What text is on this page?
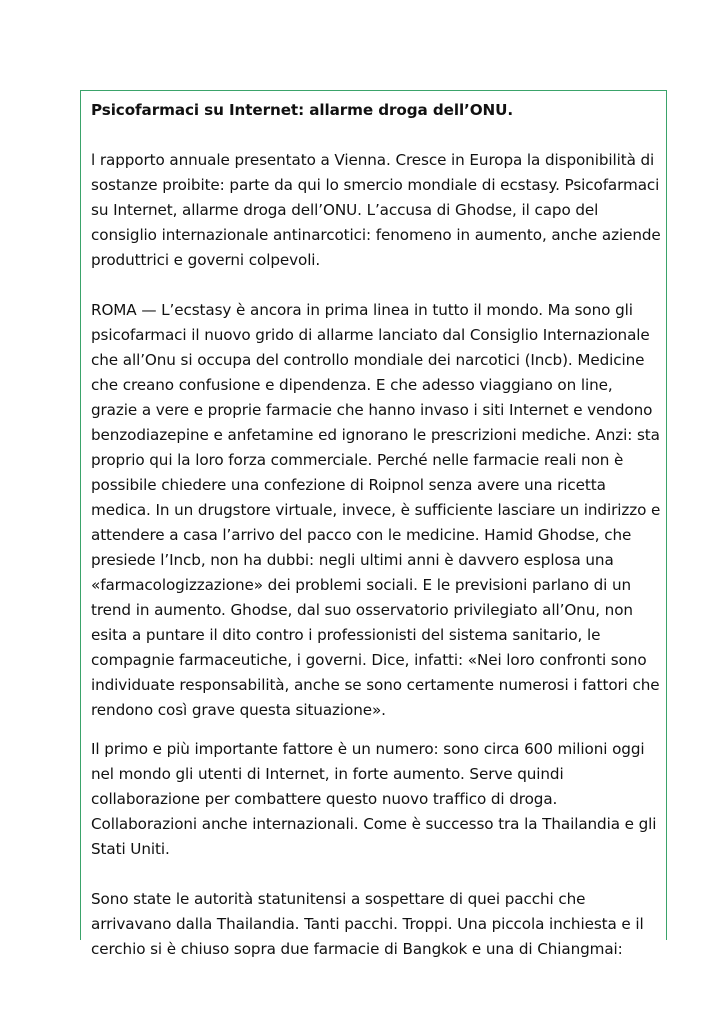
Psicofarmaci su Internet: allarme droga dell’ONU.
l rapporto annuale presentato a Vienna. Cresce in Europa la disponibilità di sostanze proibite: parte da qui lo smercio mondiale di ecstasy. Psicofarmaci su Internet, allarme droga dell’ONU. L’accusa di Ghodse, il capo del consiglio internazionale antinarcotici: fenomeno in aumento, anche aziende produttrici e governi colpevoli.
ROMA — L’ecstasy è ancora in prima linea in tutto il mondo. Ma sono gli psicofarmaci il nuovo grido di allarme lanciato dal Consiglio Internazionale che all’Onu si occupa del controllo mondiale dei narcotici (Incb). Medicine che creano confusione e dipendenza. E che adesso viaggiano on line, grazie a vere e proprie farmacie che hanno invaso i siti Internet e vendono benzodiazepine e anfetamine ed ignorano le prescrizioni mediche. Anzi: sta proprio qui la loro forza commerciale. Perché nelle farmacie reali non è possibile chiedere una confezione di Roipnol senza avere una ricetta medica. In un drugstore virtuale, invece, è sufficiente lasciare un indirizzo e attendere a casa l’arrivo del pacco con le medicine. Hamid Ghodse, che presiede l’Incb, non ha dubbi: negli ultimi anni è davvero esplosa una «farmacologizzazione» dei problemi sociali. E le previsioni parlano di un trend in aumento. Ghodse, dal suo osservatorio privilegiato all’Onu, non esita a puntare il dito contro i professionisti del sistema sanitario, le compagnie farmaceutiche, i governi. Dice, infatti: «Nei loro confronti sono individuate responsabilità, anche se sono certamente numerosi i fattori che rendono così grave questa situazione».
Il primo e più importante fattore è un numero: sono circa 600 milioni oggi nel mondo gli utenti di Internet, in forte aumento. Serve quindi collaborazione per combattere questo nuovo traffico di droga. Collaborazioni anche internazionali. Come è successo tra la Thailandia e gli Stati Uniti.
Sono state le autorità statunitensi a sospettare di quei pacchi che arrivavano dalla Thailandia. Tanti pacchi. Troppi. Una piccola inchiesta e il cerchio si è chiuso sopra due farmacie di Bangkok e una di Chiangmai:
